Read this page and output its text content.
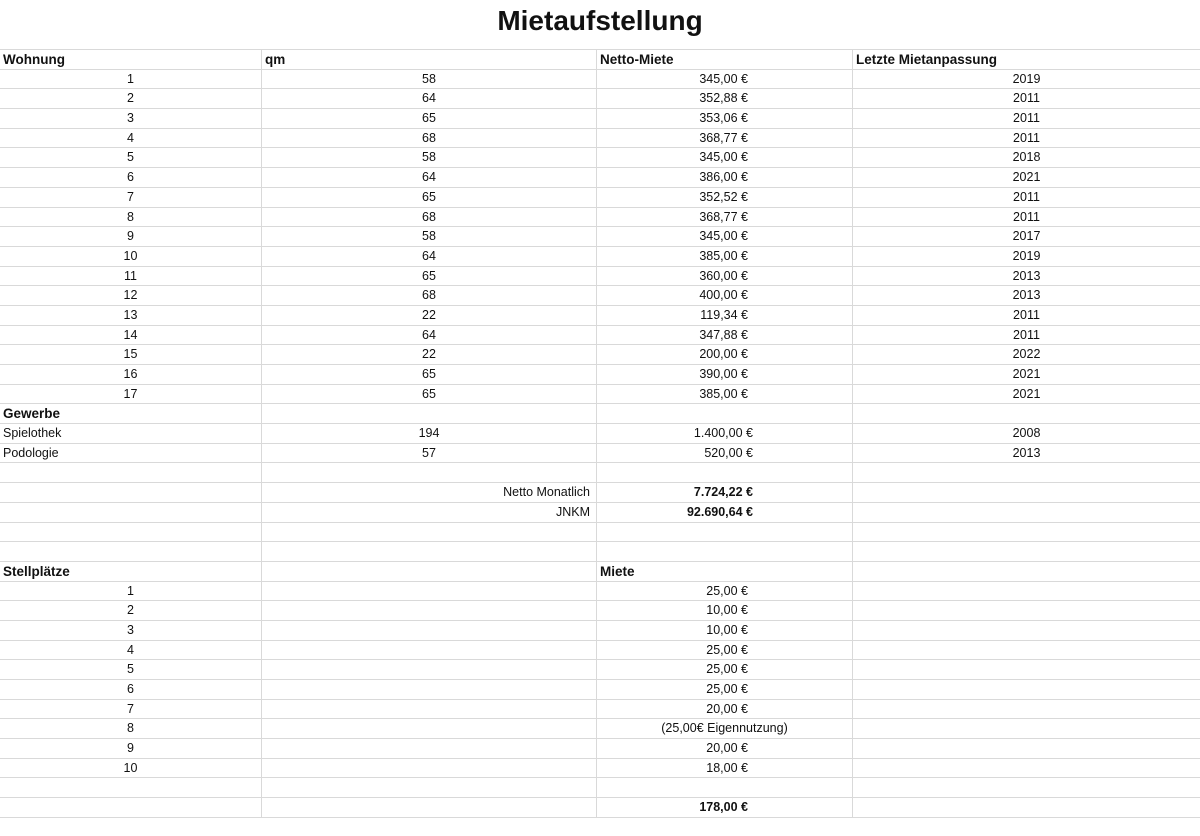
Mietaufstellung
Wohnung	qm	Netto-Miete	Letzte Mietanpassung
1	58	345,00 €	2019
2	64	352,88 €	2011
3	65	353,06 €	2011
4	68	368,77 €	2011
5	58	345,00 €	2018
6	64	386,00 €	2021
7	65	352,52 €	2011
8	68	368,77 €	2011
9	58	345,00 €	2017
10	64	385,00 €	2019
11	65	360,00 €	2013
12	68	400,00 €	2013
13	22	119,34 €	2011
14	64	347,88 €	2011
15	22	200,00 €	2022
16	65	390,00 €	2021
17	65	385,00 €	2021
Gewerbe
Spielothek	194	1.400,00 €	2008
Podologie	57	520,00 €	2013
Netto Monatlich	7.724,22 €
JNKM	92.690,64 €
Stellplätze	Miete
1	25,00 €
2	10,00 €
3	10,00 €
4	25,00 €
5	25,00 €
6	25,00 €
7	20,00 €
8	(25,00€ Eigennutzung)
9	20,00 €
10	18,00 €
178,00 €
